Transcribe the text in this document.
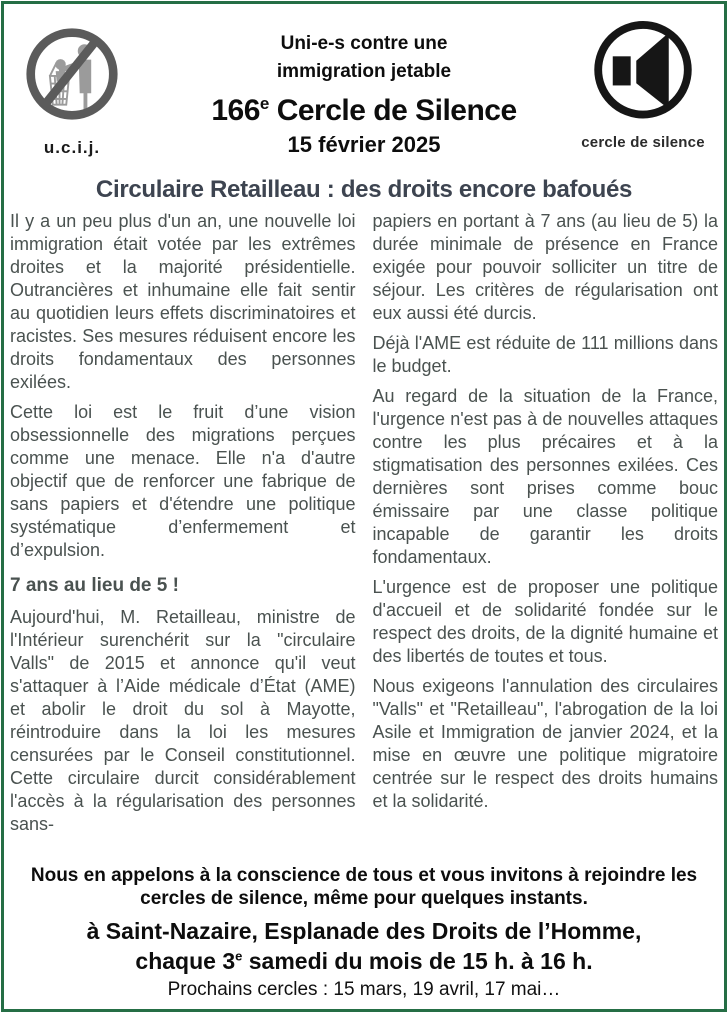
u.c.i.j.
Uni-e-s contre une
immigration jetable
166e Cercle de Silence
15 février 2025	cercle de silence
Circulaire Retailleau : des droits encore bafoués

Il y a un peu plus d'un an, une nouvelle loi immigration était votée par les extrêmes droites et la majorité présidentielle. Outrancières et inhumaine elle fait sentir au quotidien leurs effets discriminatoires et racistes. Ses mesures réduisent encore les droits fondamentaux des personnes exilées.

Cette loi est le fruit d’une vision obsessionnelle des migrations perçues comme une menace. Elle n'a d'autre objectif que de renforcer une fabrique de sans papiers et d'étendre une politique systématique d’enfermement et d’expulsion.

7 ans au lieu de 5 !

Aujourd'hui, M. Retailleau, ministre de l'Intérieur surenchérit sur la "circulaire Valls" de 2015 et annonce qu'il veut s'attaquer à l’Aide médicale d’État (AME) et abolir le droit du sol à Mayotte, réintroduire dans la loi les mesures censurées par le Conseil constitutionnel. Cette circulaire durcit considérablement l'accès à la régularisation des personnes sans-

papiers en portant à 7 ans (au lieu de 5) la durée minimale de présence en France exigée pour pouvoir solliciter un titre de séjour. Les critères de régularisation ont eux aussi été durcis.

Déjà l'AME est réduite de 111 millions dans le budget.

Au regard de la situation de la France, l'urgence n'est pas à de nouvelles attaques contre les plus précaires et à la stigmatisation des personnes exilées. Ces dernières sont prises comme bouc émissaire par une classe politique incapable de garantir les droits fondamentaux.

L'urgence est de proposer une politique d'accueil et de solidarité fondée sur le respect des droits, de la dignité humaine et des libertés de toutes et tous.

Nous exigeons l'annulation des circulaires "Valls" et "Retailleau", l'abrogation de la loi Asile et Immigration de janvier 2024, et la mise en œuvre une politique migratoire centrée sur le respect des droits humains et la solidarité.

Nous en appelons à la conscience de tous et vous invitons à rejoindre les cercles de silence, même pour quelques instants.
à Saint-Nazaire, Esplanade des Droits de l’Homme,
chaque 3e samedi du mois de 15 h. à 16 h.
Prochains cercles : 15 mars, 19 avril, 17 mai…
